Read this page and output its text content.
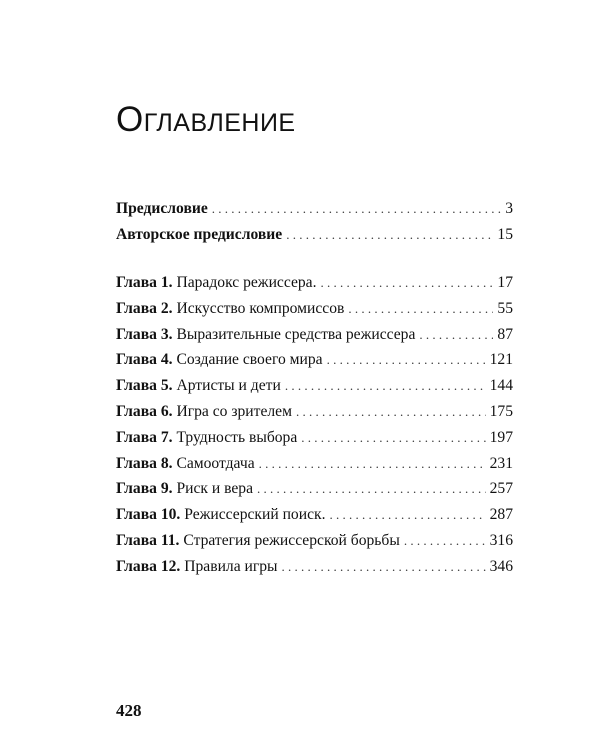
Оглавление
Предисловие . . .	3
Авторское предисловие . . .	15
Глава 1. Парадокс режиссера. . . .	17
Глава 2. Искусство компромиссов . . .	55
Глава 3. Выразительные средства режиссера . . .	87
Глава 4. Создание своего мира . . .	121
Глава 5. Артисты и дети . . .	144
Глава 6. Игра со зрителем . . .	175
Глава 7. Трудность выбора . . .	197
Глава 8. Самоотдача . . .	231
Глава 9. Риск и вера . . .	257
Глава 10. Режиссерский поиск. . . .	287
Глава 11. Стратегия режиссерской борьбы . . .	316
Глава 12. Правила игры . . .	346
428
